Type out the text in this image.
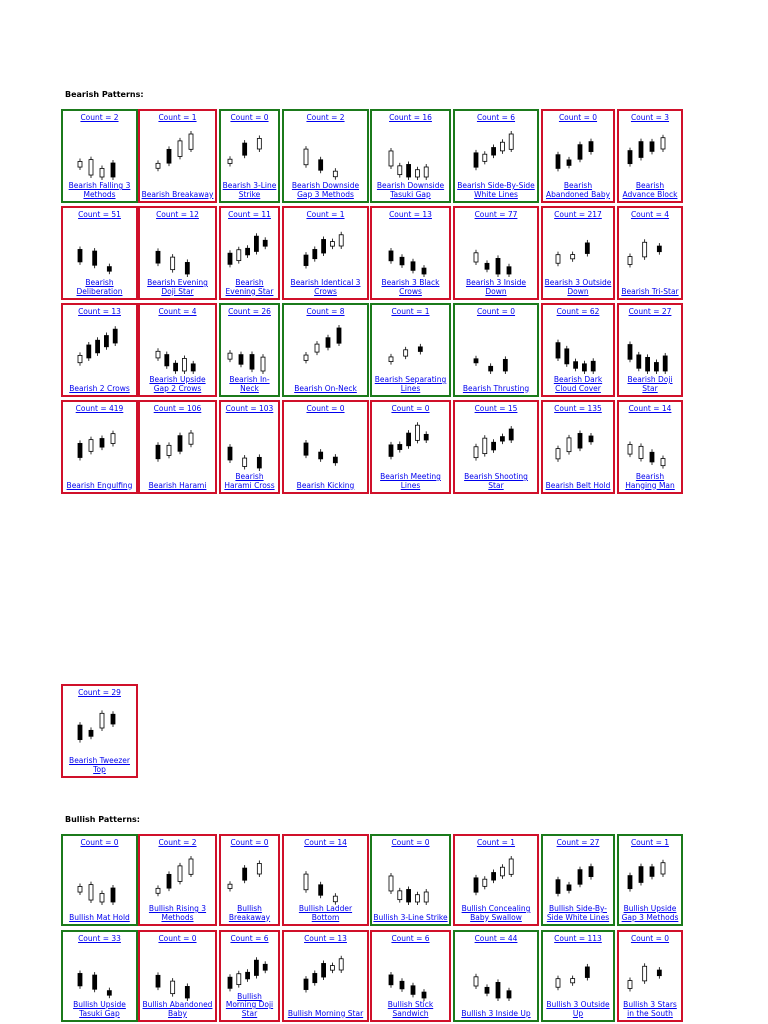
Bearish Patterns:
Count = 2
Bearish Falling 3 Methods
Count = 1
Bearish Breakaway
Count = 0
Bearish 3-Line Strike
Count = 2
Bearish Downside Gap 3 Methods
Count = 16
Bearish Downside Tasuki Gap
Count = 6
Bearish Side-By-Side White Lines
Count = 0
Bearish Abandoned Baby
Count = 3
Bearish Advance Block
Count = 51
Bearish Deliberation
Count = 12
Bearish Evening Doji Star
Count = 11
Bearish Evening Star
Count = 1
Bearish Identical 3 Crows
Count = 13
Bearish 3 Black Crows
Count = 77
Bearish 3 Inside Down
Count = 217
Bearish 3 Outside Down
Count = 4
Bearish Tri-Star
Count = 13
Bearish 2 Crows
Count = 4
Bearish Upside Gap 2 Crows
Count = 26
Bearish In-Neck
Count = 8
Bearish On-Neck
Count = 1
Bearish Separating Lines
Count = 0
Bearish Thrusting
Count = 62
Bearish Dark Cloud Cover
Count = 27
Bearish Doji Star
Count = 419
Bearish Engulfing
Count = 106
Bearish Harami
Count = 103
Bearish Harami Cross
Count = 0
Bearish Kicking
Count = 0
Bearish Meeting Lines
Count = 15
Bearish Shooting Star
Count = 135
Bearish Belt Hold
Count = 14
Bearish Hanging Man
Count = 29
Bearish Tweezer Top
Bullish Patterns:
Count = 0
Bullish Mat Hold
Count = 2
Bullish Rising 3 Methods
Count = 0
Bullish Breakaway
Count = 14
Bullish Ladder Bottom
Count = 0
Bullish 3-Line Strike
Count = 1
Bullish Concealing Baby Swallow
Count = 27
Bullish Side-By-Side White Lines
Count = 1
Bullish Upside Gap 3 Methods
Count = 33
Bullish Upside Tasuki Gap
Count = 0
Bullish Abandoned Baby
Count = 6
Bullish Morning Doji Star
Count = 13
Bullish Morning Star
Count = 6
Bullish Stick Sandwich
Count = 44
Bullish 3 Inside Up
Count = 113
Bullish 3 Outside Up
Count = 0
Bullish 3 Stars in the South
